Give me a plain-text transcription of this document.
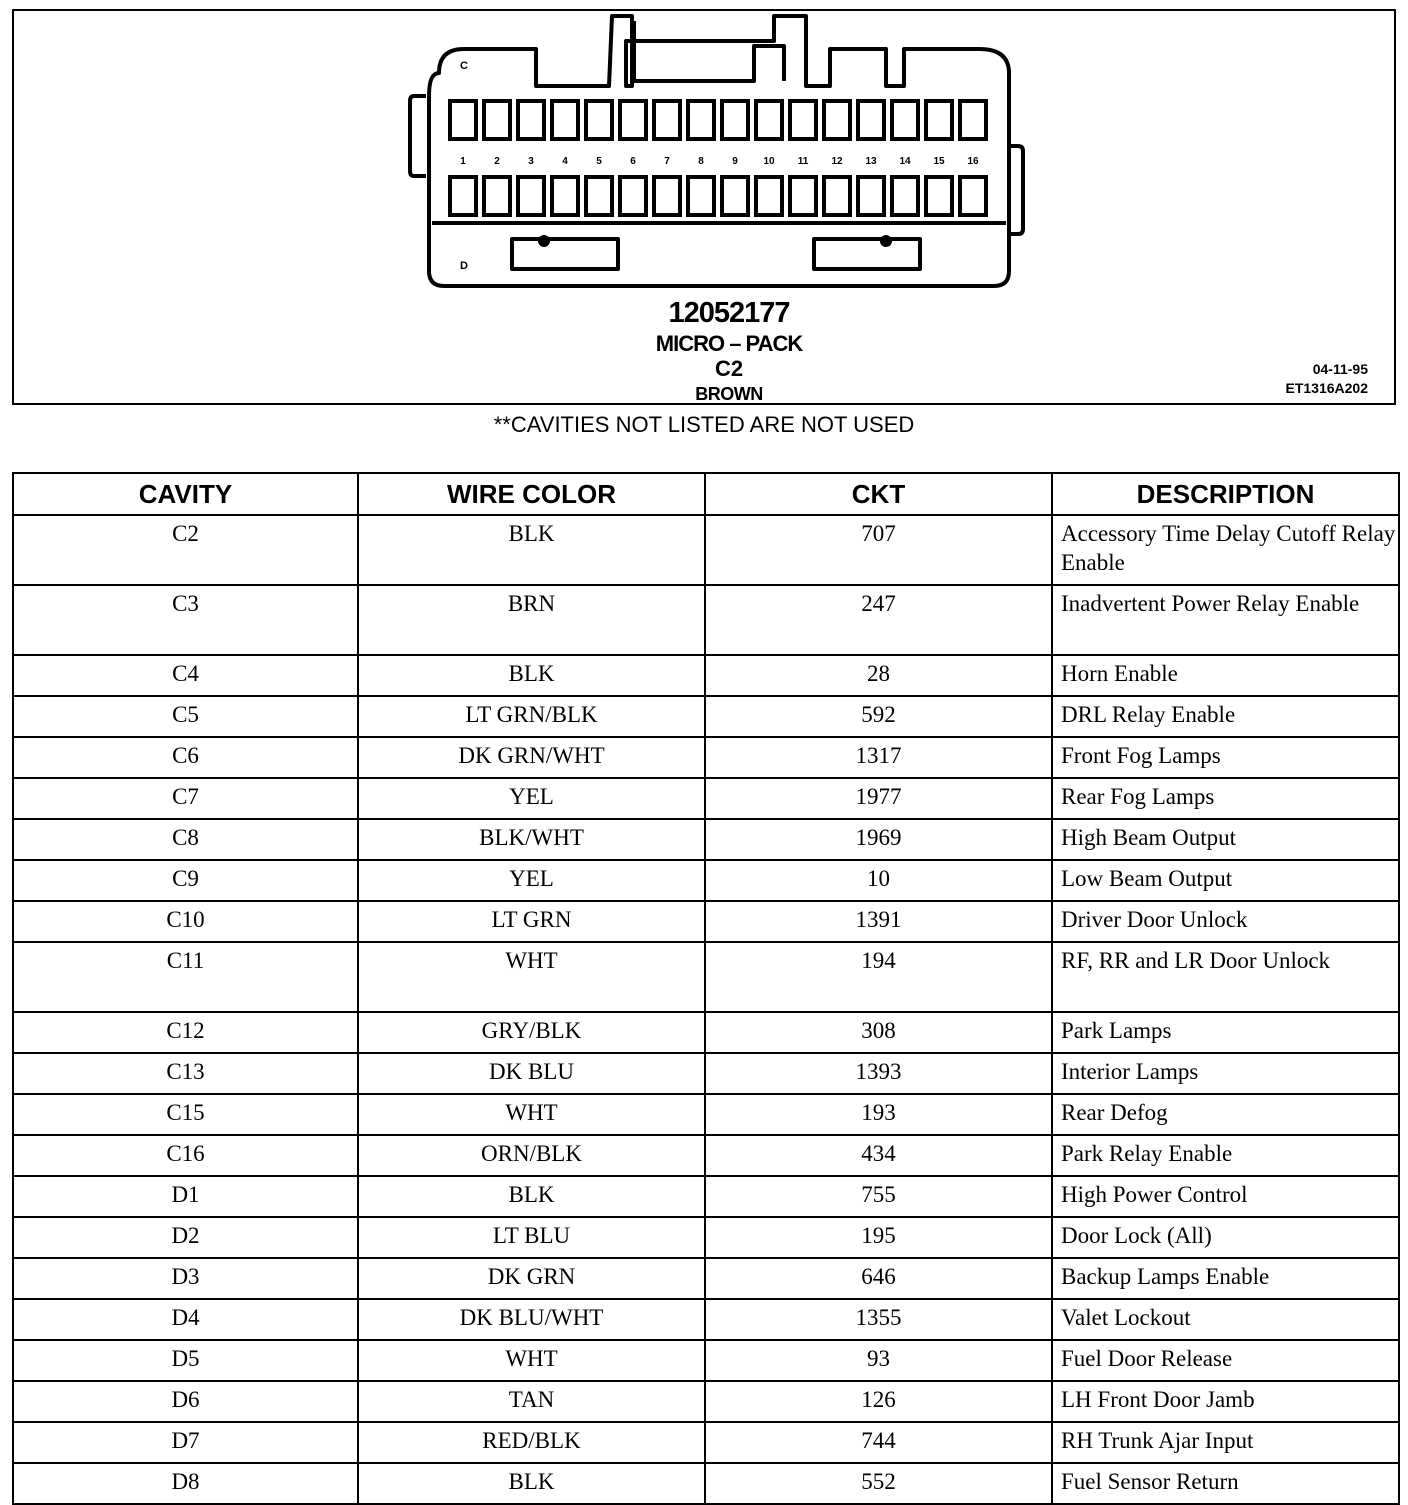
1	2	3	4	5	6	7	8	9	10 11 12 13 14 15 16
C
D
12052177
MICRO – PACK
C2
BROWN
04-11-95
ET1316A202
**CAVITIES NOT LISTED ARE NOT USED
CAVITY	WIRE COLOR	CKT	DESCRIPTION
C2	BLK	707	Accessory Time Delay Cutoff Relay Enable
C3	BRN	247	Inadvertent Power Relay Enable
C4	BLK	28	Horn Enable
C5	LT GRN/BLK	592	DRL Relay Enable
C6	DK GRN/WHT	1317	Front Fog Lamps
C7	YEL	1977	Rear Fog Lamps
C8	BLK/WHT	1969	High Beam Output
C9	YEL	10	Low Beam Output
C10	LT GRN	1391	Driver Door Unlock
C11	WHT	194	RF, RR and LR Door Unlock
C12	GRY/BLK	308	Park Lamps
C13	DK BLU	1393	Interior Lamps
C15	WHT	193	Rear Defog
C16	ORN/BLK	434	Park Relay Enable
D1	BLK	755	High Power Control
D2	LT BLU	195	Door Lock (All)
D3	DK GRN	646	Backup Lamps Enable
D4	DK BLU/WHT	1355	Valet Lockout
D5	WHT	93	Fuel Door Release
D6	TAN	126	LH Front Door Jamb
D7	RED/BLK	744	RH Trunk Ajar Input
D8	BLK	552	Fuel Sensor Return
